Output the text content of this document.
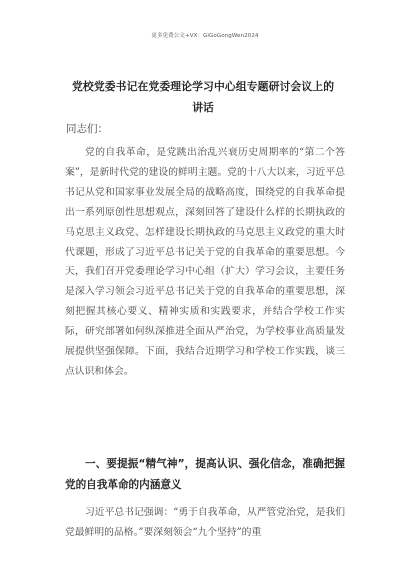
更多免费公文+VX：GiGoGongWen2024
党校党委书记在党委理论学习中心组专题研讨会议上的讲话
同志们：

党的自我革命，是党跳出治乱兴衰历史周期率的“第二个答案”，是新时代党的建设的鲜明主题。党的十八大以来，习近平总书记从党和国家事业发展全局的战略高度，围绕党的自我革命提出一系列原创性思想观点，深刻回答了建设什么样的长期执政的马克思主义政党、怎样建设长期执政的马克思主义政党的重大时代课题，形成了习近平总书记关于党的自我革命的重要思想。今天，我们召开党委理论学习中心组（扩大）学习会议，主要任务是深入学习领会习近平总书记关于党的自我革命的重要思想，深刻把握其核心要义、精神实质和实践要求，并结合学校工作实际，研究部署如何纵深推进全面从严治党，为学校事业高质量发展提供坚强保障。下面，我结合近期学习和学校工作实践，谈三点认识和体会。

一、要提振“精气神”，提高认识、强化信念，准确把握党的自我革命的内涵意义

习近平总书记强调：“勇于自我革命，从严管党治党，是我们党最鲜明的品格。”要深刻领会“九个坚持”的重
